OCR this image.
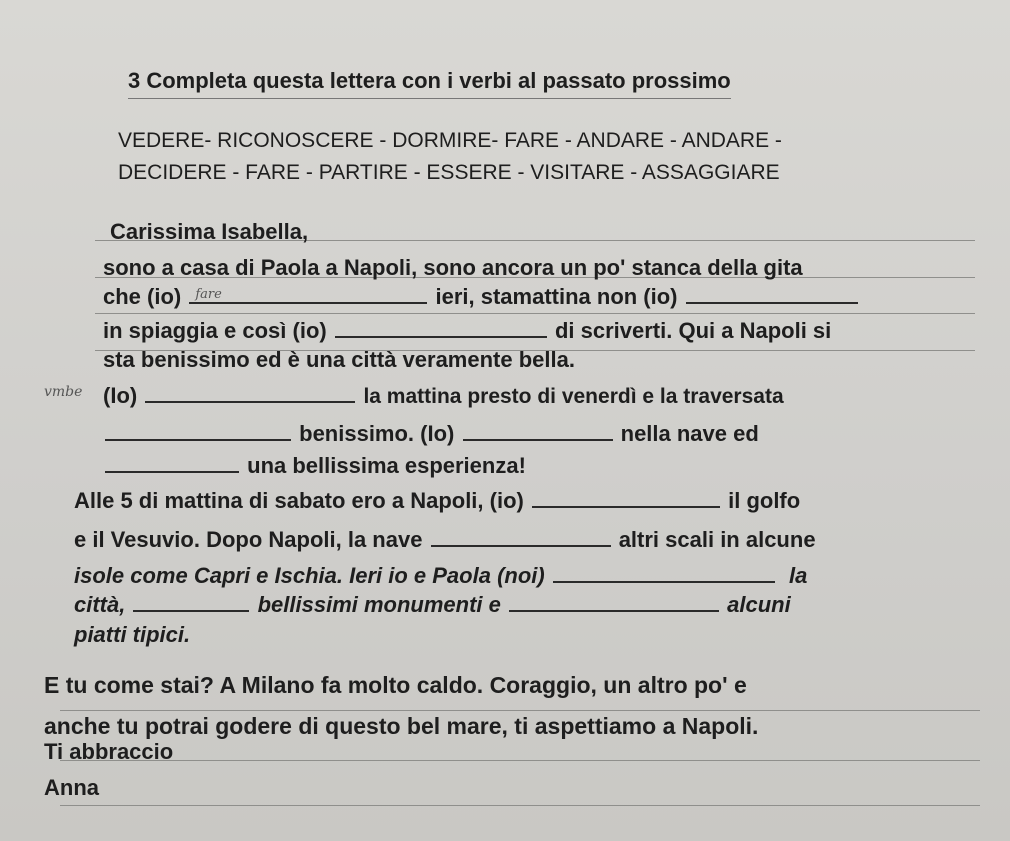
3 Completa questa lettera con i verbi al passato prossimo
VEDERE- RICONOSCERE - DORMIRE- FARE - ANDARE - ANDARE -
DECIDERE - FARE - PARTIRE - ESSERE - VISITARE - ASSAGGIARE
Carissima Isabella,
sono a casa di Paola a Napoli, sono ancora un po' stanca della gita
che (io) fare	ieri, stamattina non (io)
in spiaggia e così (io)	di scriverti. Qui a Napoli si
sta benissimo ed è una città veramente bella.
vmbe (Io)	la mattina presto di venerdì e la traversata
benissimo. (Io)	nella nave ed
una bellissima esperienza!
Alle 5 di mattina di sabato ero a Napoli, (io)	il golfo
e il Vesuvio. Dopo Napoli, la nave	altri scali in alcune
isole come Capri e Ischia. Ieri io e Paola (noi)	la
città,	bellissimi monumenti e	alcuni
piatti tipici.
E tu come stai? A Milano fa molto caldo. Coraggio, un altro po' e
anche tu potrai godere di questo bel mare, ti aspettiamo a Napoli.
Ti abbraccio
Anna
